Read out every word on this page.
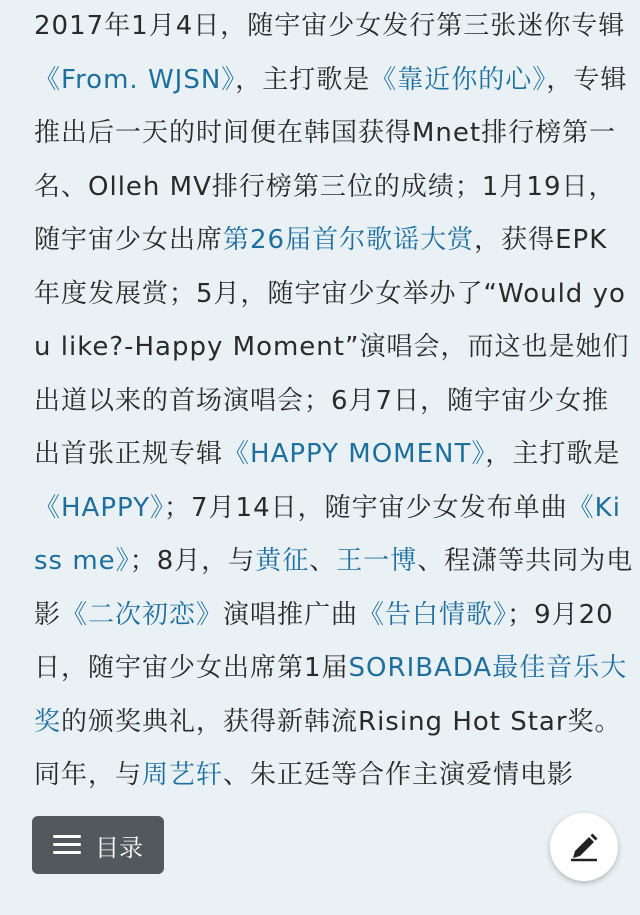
2017年1月4日，随宇宙少女发行第三张迷你专辑《From. WJSN》，主打歌是《靠近你的心》，专辑推出后一天的时间便在韩国获得Mnet排行榜第一名、Olleh MV排行榜第三位的成绩；1月19日，随宇宙少女出席第26届首尔歌谣大赏，获得EPK年度发展赏；5月，随宇宙少女举办了“Would you like?-Happy Moment”演唱会，而这也是她们出道以来的首场演唱会；6月7日，随宇宙少女推出首张正规专辑《HAPPY MOMENT》，主打歌是《HAPPY》；7月14日，随宇宙少女发布单曲《Kiss me》；8月，与黄征、王一博、程潇等共同为电影《二次初恋》演唱推广曲《告白情歌》；9月20日，随宇宙少女出席第1届SORIBADA最佳音乐大奖的颁奖典礼，获得新韩流Rising Hot Star奖。同年，与周艺轩、朱正廷等合作主演爱情电影

目录
